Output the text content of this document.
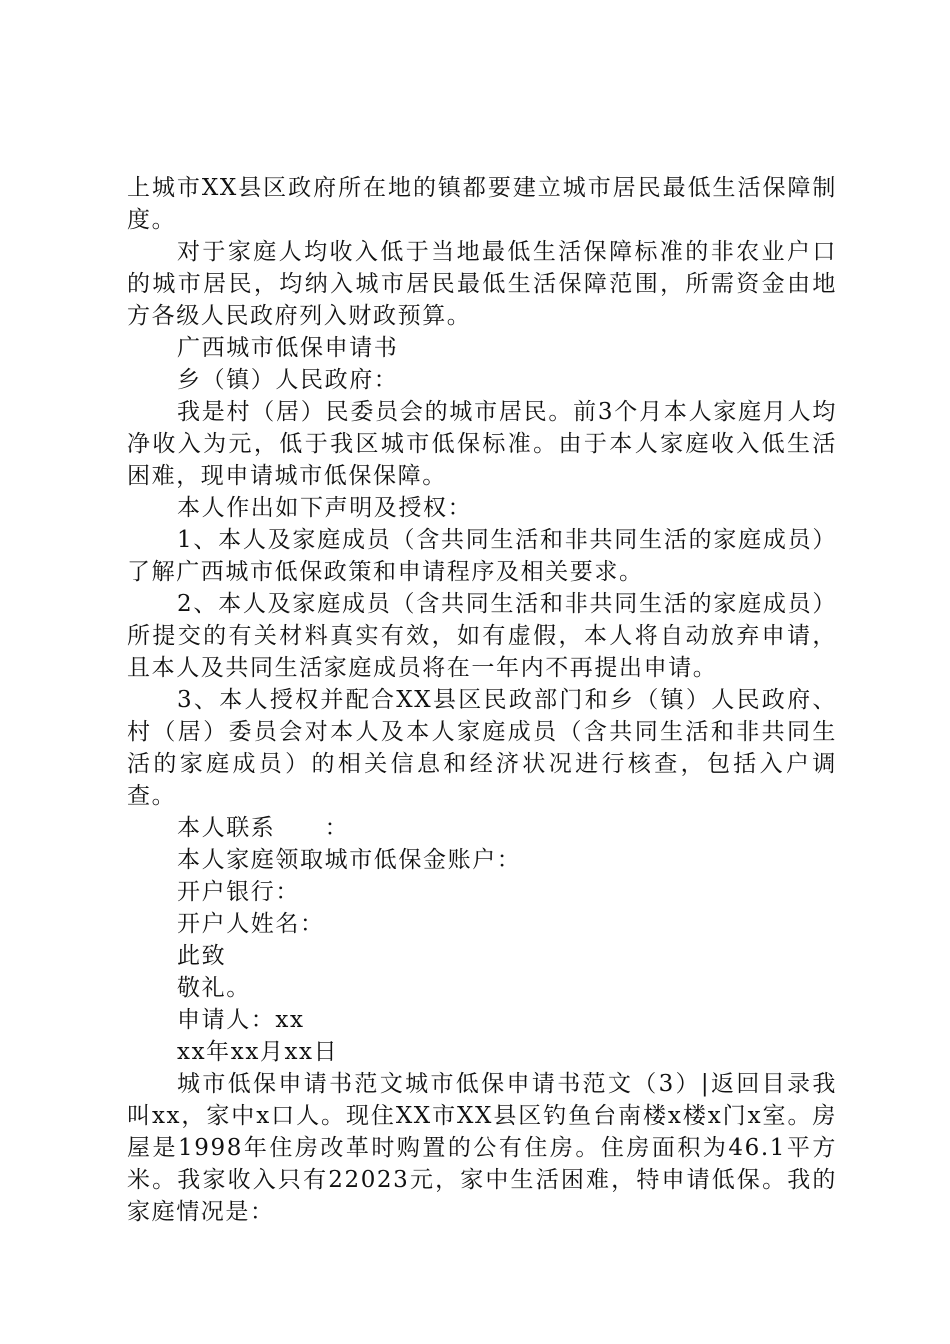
上城市XX县区政府所在地的镇都要建立城市居民最低生活保障制度。

对于家庭人均收入低于当地最低生活保障标准的非农业户口的城市居民，均纳入城市居民最低生活保障范围，所需资金由地方各级人民政府列入财政预算。

广西城市低保申请书

乡（镇）人民政府：

我是村（居）民委员会的城市居民。前3个月本人家庭月人均净收入为元，低于我区城市低保标准。由于本人家庭收入低生活困难，现申请城市低保保障。

本人作出如下声明及授权：

1、本人及家庭成员（含共同生活和非共同生活的家庭成员）了解广西城市低保政策和申请程序及相关要求。

2、本人及家庭成员（含共同生活和非共同生活的家庭成员）所提交的有关材料真实有效，如有虚假，本人将自动放弃申请，且本人及共同生活家庭成员将在一年内不再提出申请。

3、本人授权并配合XX县区民政部门和乡（镇）人民政府、村（居）委员会对本人及本人家庭成员（含共同生活和非共同生活的家庭成员）的相关信息和经济状况进行核查，包括入户调查。

本人联系　　：

本人家庭领取城市低保金账户：

开户银行：

开户人姓名：

此致

敬礼。

申请人：xx

xx年xx月xx日

城市低保申请书范文城市低保申请书范文（3）|返回目录我叫xx，家中x口人。现住XX市XX县区钓鱼台南楼x楼x门x室。房屋是1998年住房改革时购置的公有住房。住房面积为46.1平方米。我家收入只有22023元，家中生活困难，特申请低保。我的家庭情况是：
